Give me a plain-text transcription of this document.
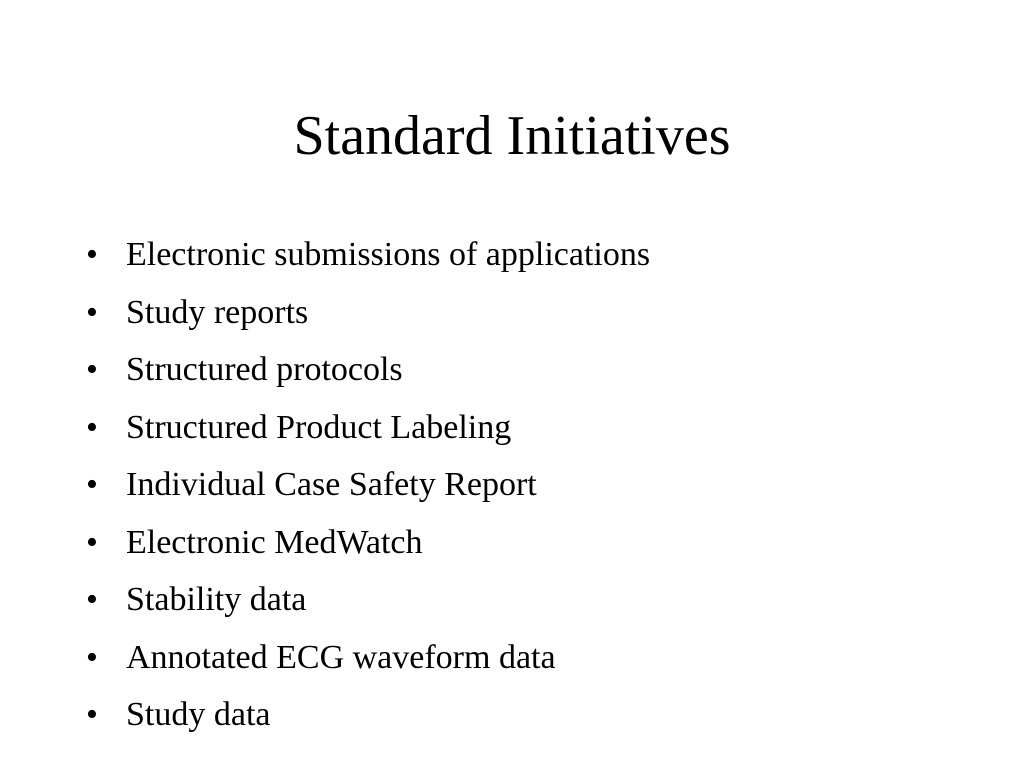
Standard Initiatives
• Electronic submissions of applications
• Study reports
• Structured protocols
• Structured Product Labeling
• Individual Case Safety Report
• Electronic MedWatch
• Stability data
• Annotated ECG waveform data
• Study data
